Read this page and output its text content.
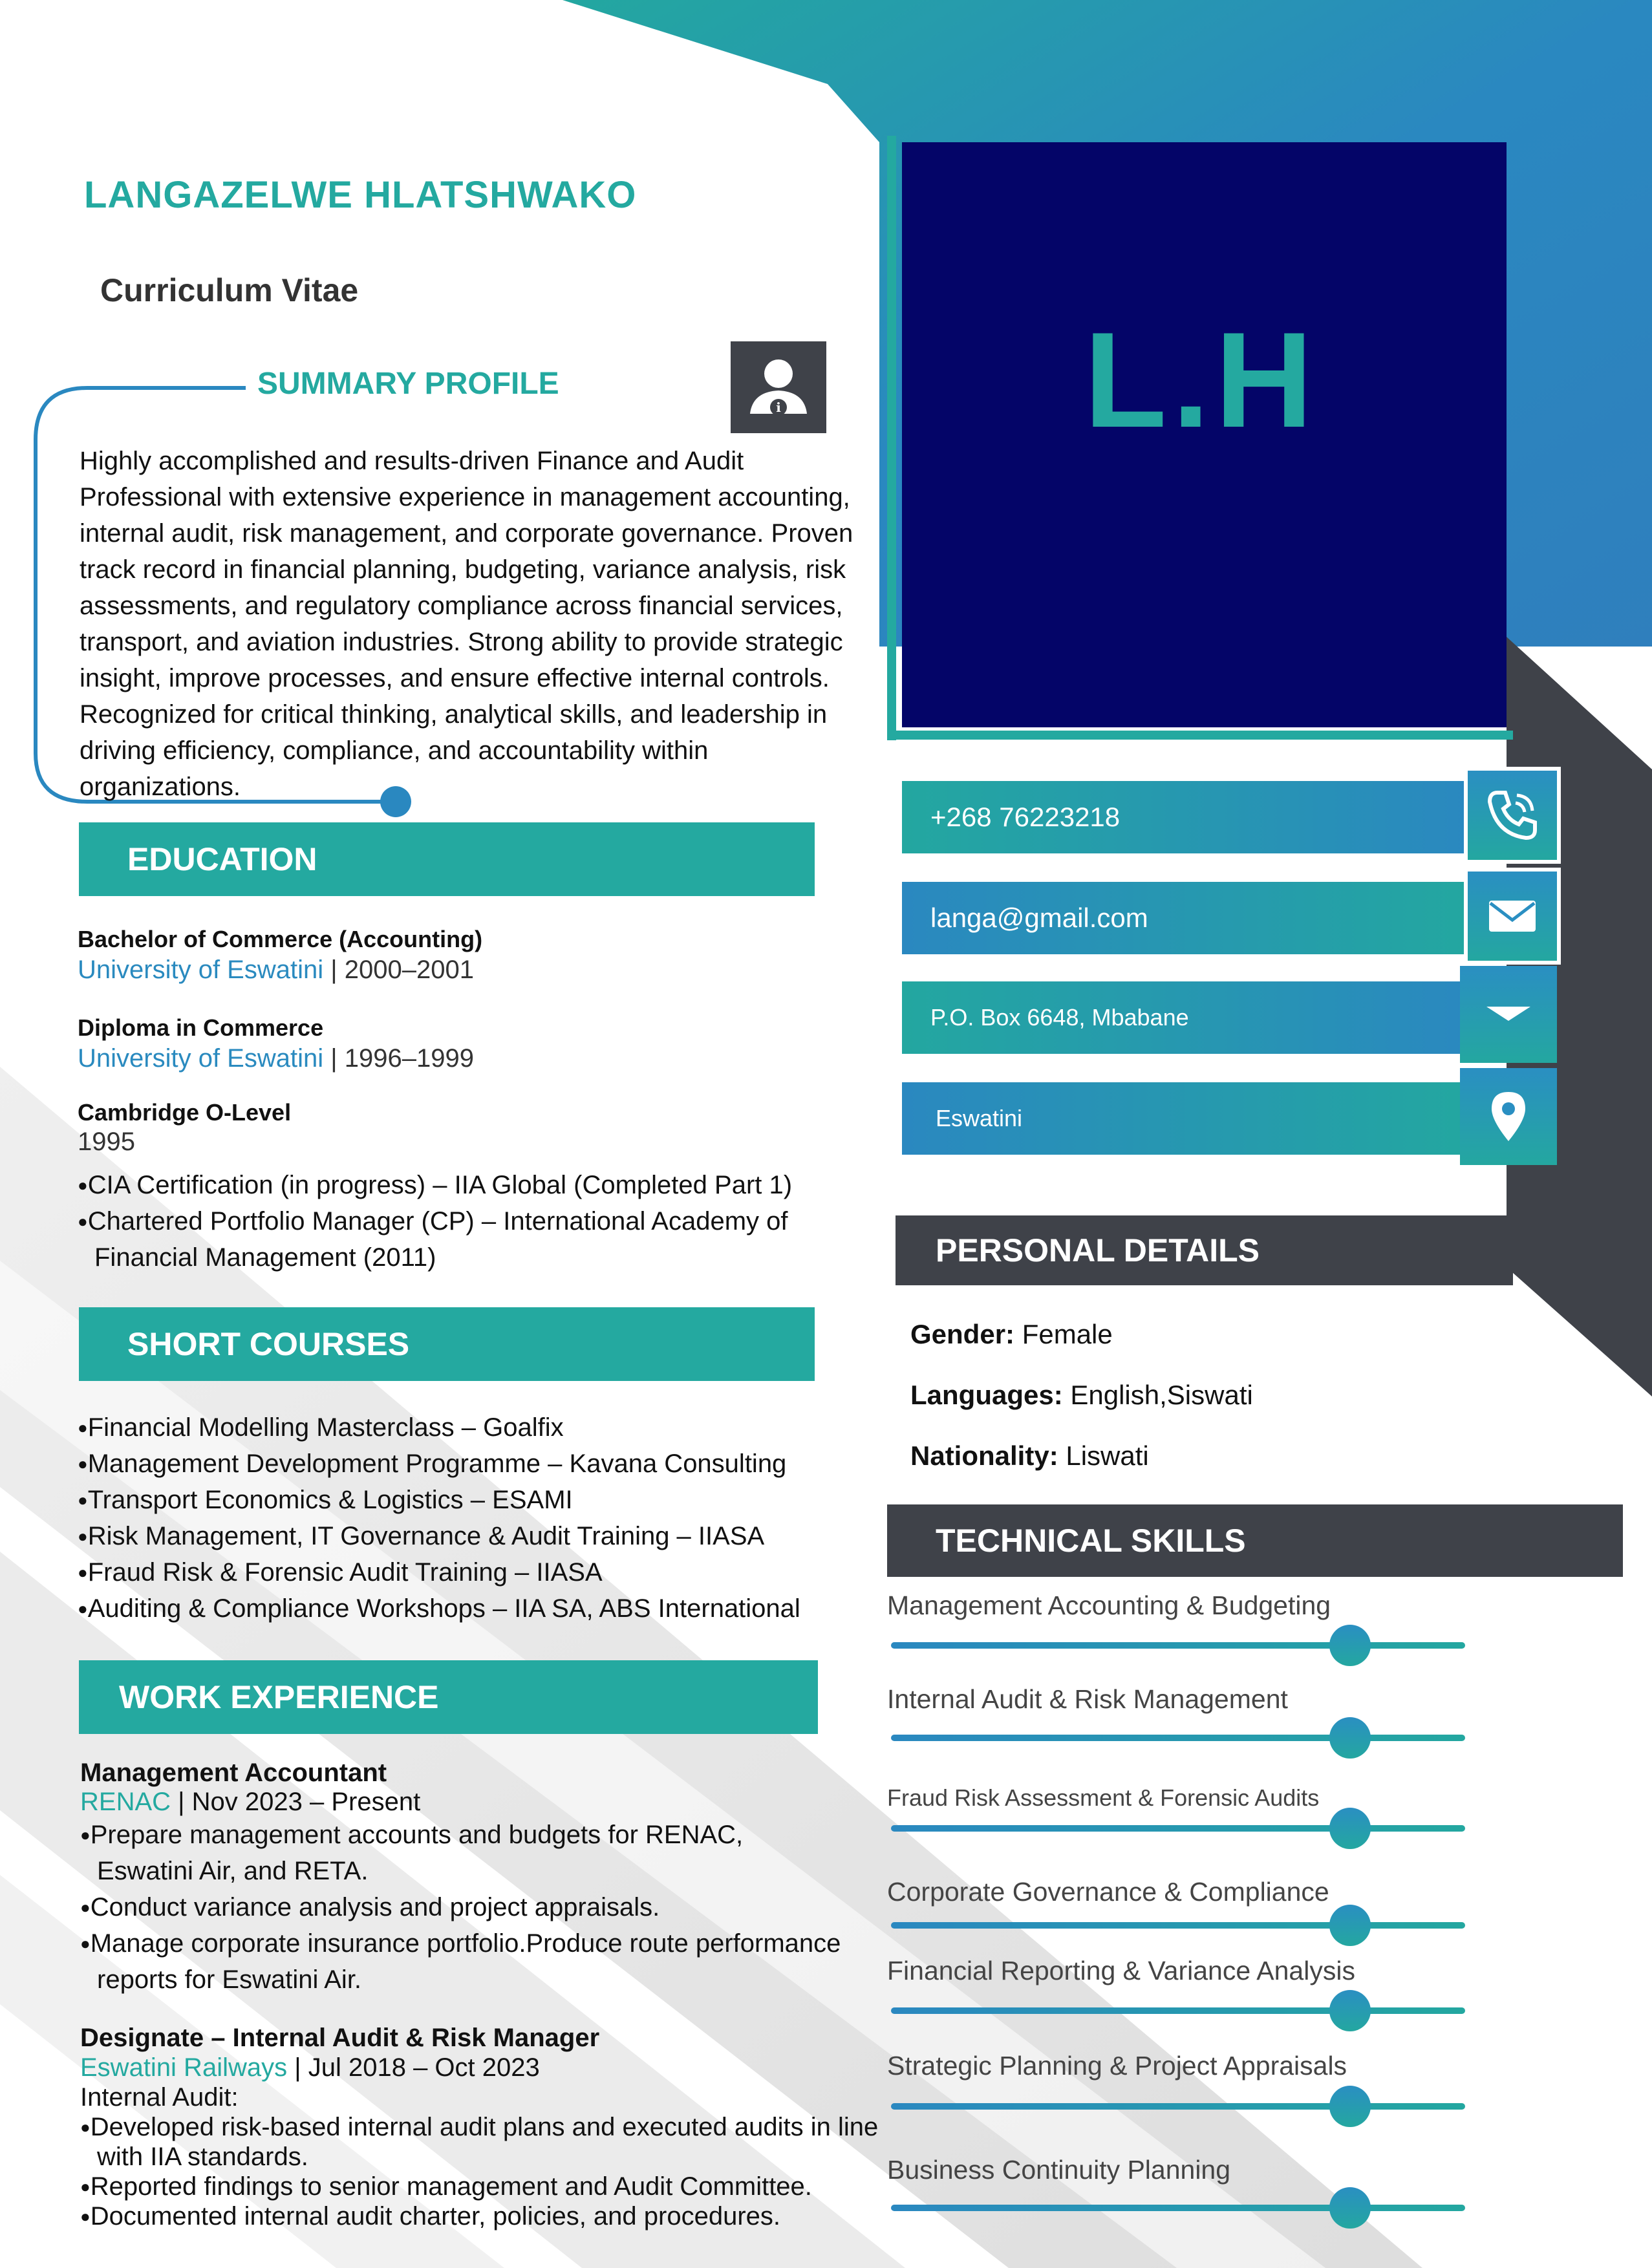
LANGAZELWE HLATSHWAKO
Curriculum Vitae
L.H
SUMMARY PROFILE
i
Highly accomplished and results-driven Finance and Audit
Professional with extensive experience in management accounting,
internal audit, risk management, and corporate governance. Proven
track record in financial planning, budgeting, variance analysis, risk
assessments, and regulatory compliance across financial services,
transport, and aviation industries. Strong ability to provide strategic
insight, improve processes, and ensure effective internal controls.
Recognized for critical thinking, analytical skills, and leadership in
driving efficiency, compliance, and accountability within
organizations.
EDUCATION
Bachelor of Commerce (Accounting)
University of Eswatini | 2000–2001
Diploma in Commerce
University of Eswatini | 1996–1999
Cambridge O-Level
1995
● CIA Certification (in progress) – IIA Global (Completed Part 1)
● Chartered Portfolio Manager (CP) – International Academy of Financial Management (2011)
SHORT COURSES
● Financial Modelling Masterclass – Goalfix
● Management Development Programme – Kavana Consulting
● Transport Economics & Logistics – ESAMI
● Risk Management, IT Governance & Audit Training – IIASA
● Fraud Risk & Forensic Audit Training – IIASA
● Auditing & Compliance Workshops – IIA SA, ABS International
WORK EXPERIENCE
Management Accountant
RENAC | Nov 2023 – Present
● Prepare management accounts and budgets for RENAC, Eswatini Air, and RETA.
● Conduct variance analysis and project appraisals.
● Manage corporate insurance portfolio.Produce route performance reports for Eswatini Air.
Designate – Internal Audit & Risk Manager
Eswatini Railways | Jul 2018 – Oct 2023
Internal Audit:
● Developed risk-based internal audit plans and executed audits in line with IIA standards.
● Reported findings to senior management and Audit Committee.
● Documented internal audit charter, policies, and procedures.
+268 76223218
langa@gmail.com
P.O. Box 6648, Mbabane
Eswatini
PERSONAL DETAILS
Gender: Female
Languages: English,Siswati
Nationality: Liswati
TECHNICAL SKILLS
Management Accounting & Budgeting
Internal Audit & Risk Management
Fraud Risk Assessment & Forensic Audits
Corporate Governance & Compliance
Financial Reporting & Variance Analysis
Strategic Planning & Project Appraisals
Business Continuity Planning
